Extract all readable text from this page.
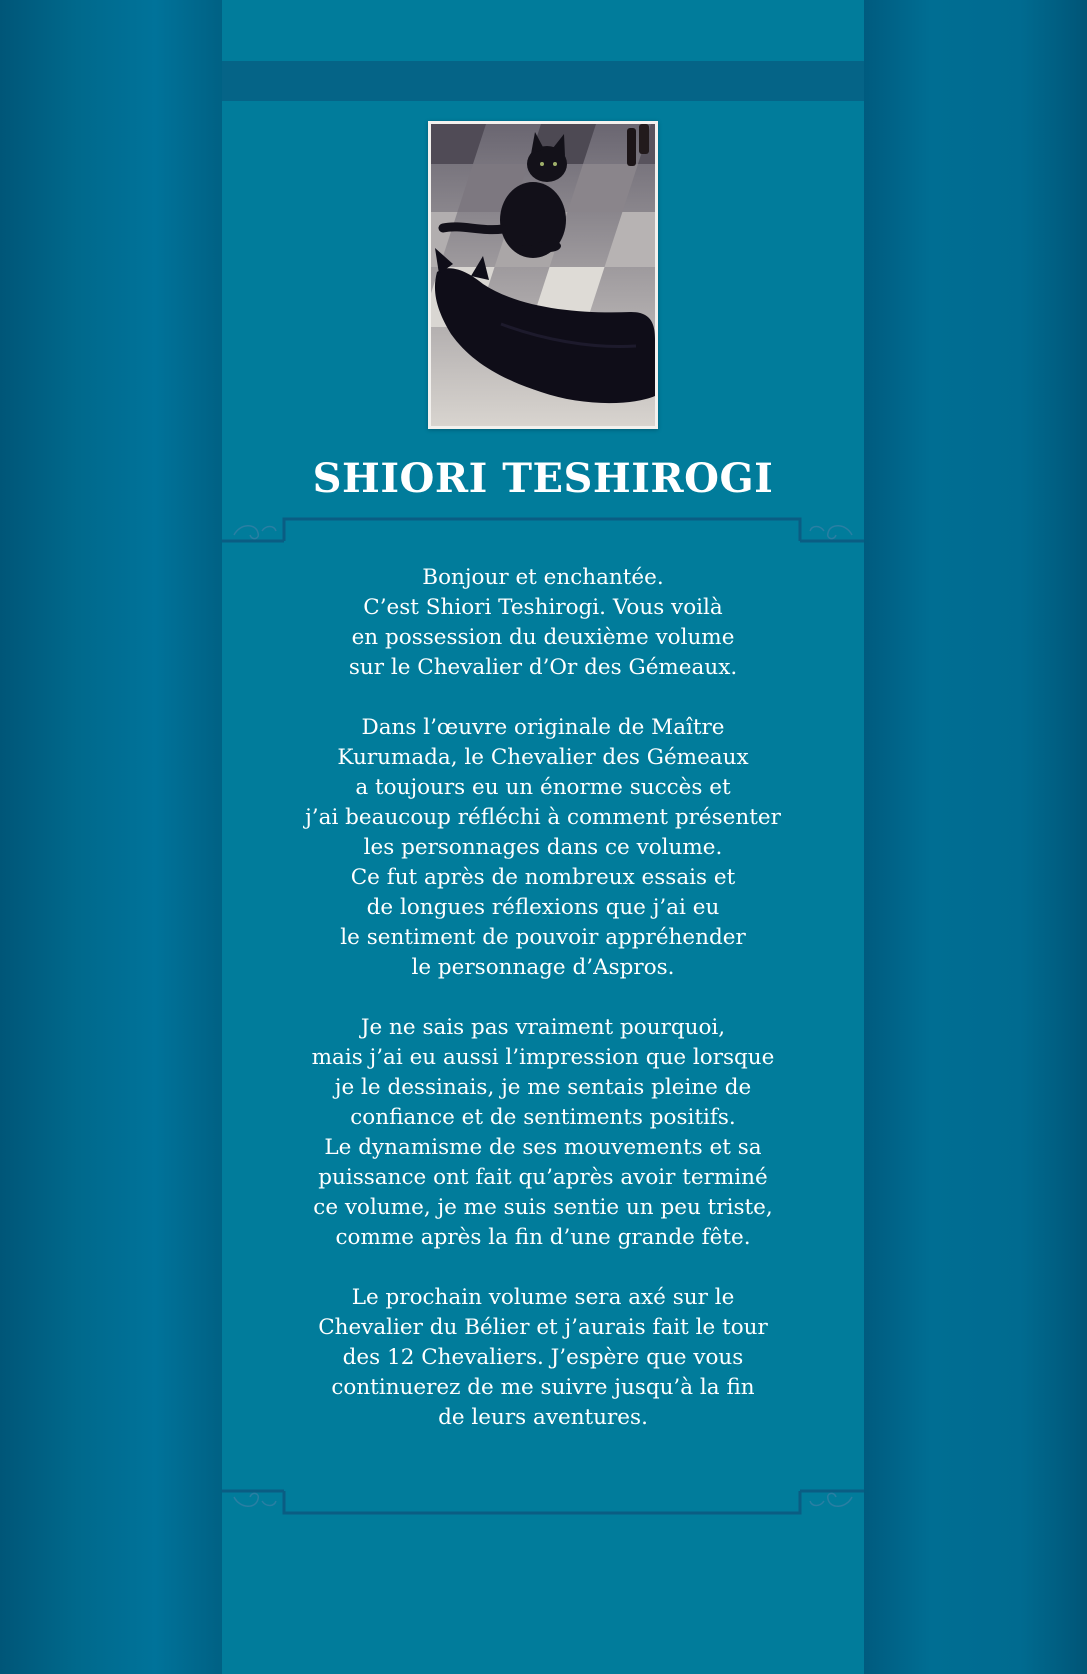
SHIORI TESHIROGI

Bonjour et enchantée.
C’est Shiori Teshirogi. Vous voilà
en possession du deuxième volume
sur le Chevalier d’Or des Gémeaux.

Dans l’œuvre originale de Maître
Kurumada, le Chevalier des Gémeaux
a toujours eu un énorme succès et
j’ai beaucoup réfléchi à comment présenter
les personnages dans ce volume.
Ce fut après de nombreux essais et
de longues réflexions que j’ai eu
le sentiment de pouvoir appréhender
le personnage d’Aspros.

Je ne sais pas vraiment pourquoi,
mais j’ai eu aussi l’impression que lorsque
je le dessinais, je me sentais pleine de
confiance et de sentiments positifs.
Le dynamisme de ses mouvements et sa
puissance ont fait qu’après avoir terminé
ce volume, je me suis sentie un peu triste,
comme après la fin d’une grande fête.

Le prochain volume sera axé sur le
Chevalier du Bélier et j’aurais fait le tour
des 12 Chevaliers. J’espère que vous
continuerez de me suivre jusqu’à la fin
de leurs aventures.
